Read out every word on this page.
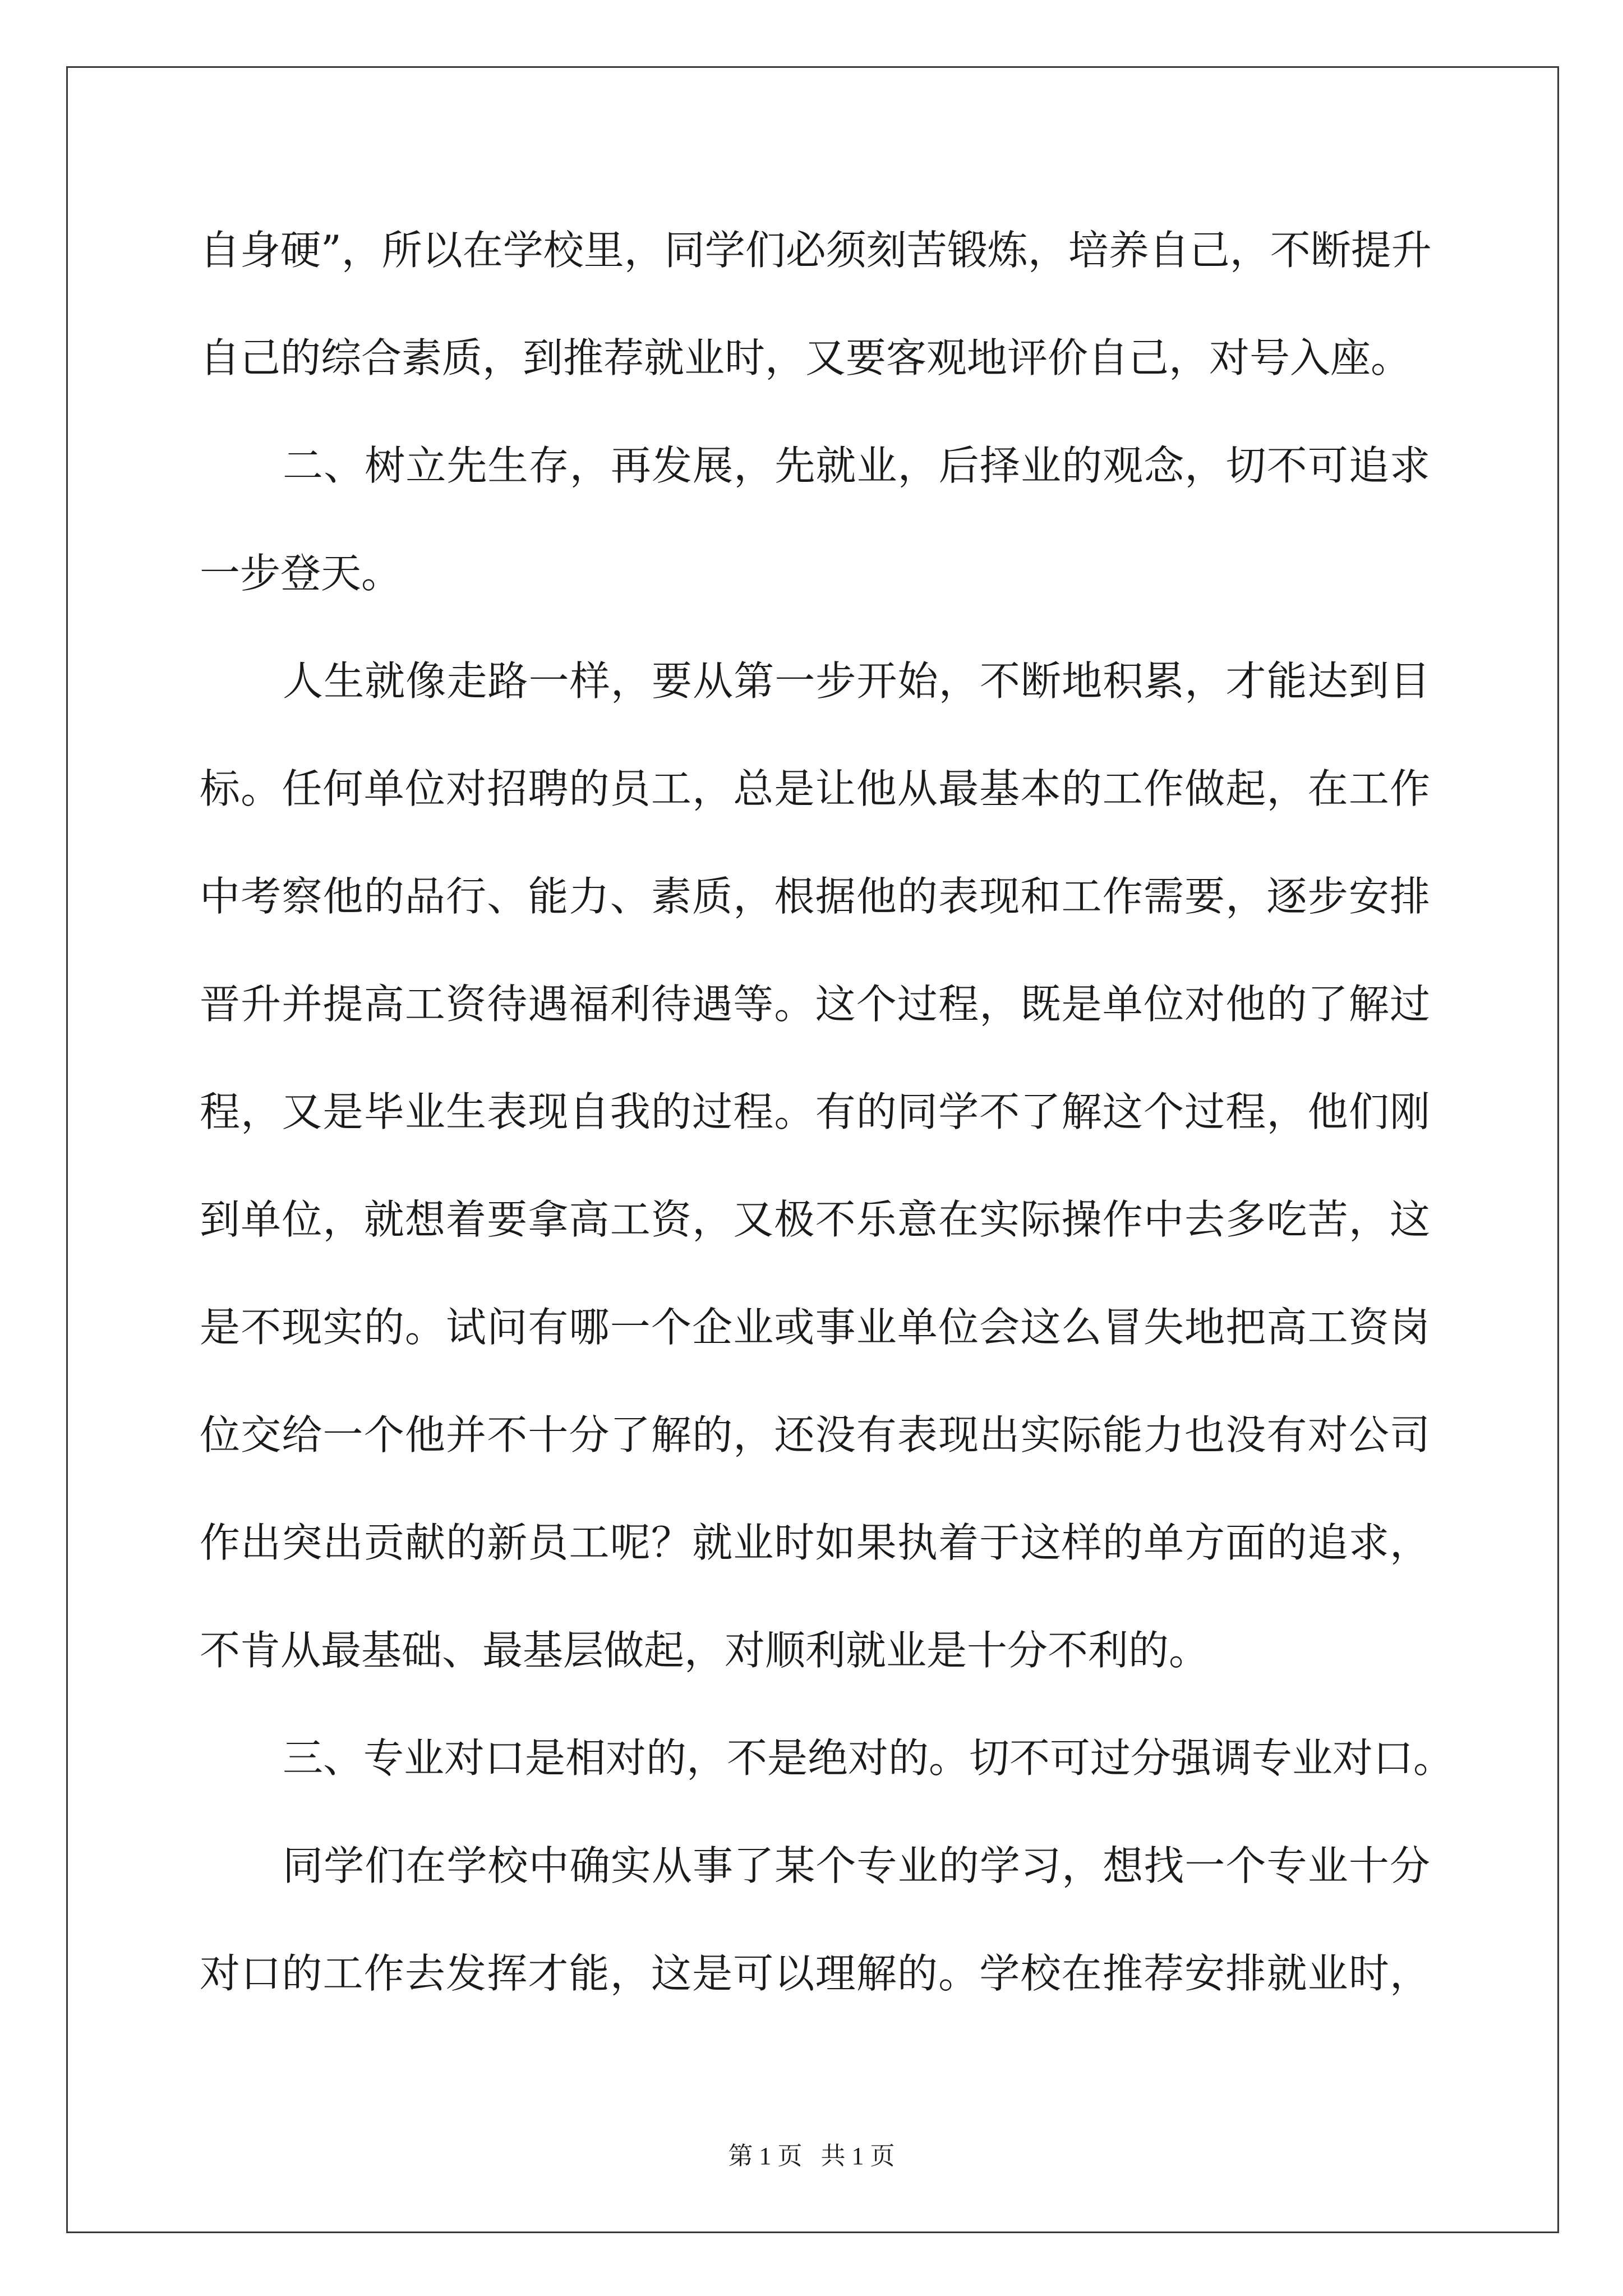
自身硬”，所以在学校里，同学们必须刻苦锻炼，培养自己，不断提升
自己的综合素质，到推荐就业时，又要客观地评价自己，对号入座。
二、树立先生存，再发展，先就业，后择业的观念，切不可追求
一步登天。
人生就像走路一样，要从第一步开始，不断地积累，才能达到目
标。任何单位对招聘的员工，总是让他从最基本的工作做起，在工作
中考察他的品行、能力、素质，根据他的表现和工作需要，逐步安排
晋升并提高工资待遇福利待遇等。这个过程，既是单位对他的了解过
程，又是毕业生表现自我的过程。有的同学不了解这个过程，他们刚
到单位，就想着要拿高工资，又极不乐意在实际操作中去多吃苦，这
是不现实的。试问有哪一个企业或事业单位会这么冒失地把高工资岗
位交给一个他并不十分了解的，还没有表现出实际能力也没有对公司
作出突出贡献的新员工呢？就业时如果执着于这样的单方面的追求，
不肯从最基础、最基层做起，对顺利就业是十分不利的。
三、专业对口是相对的，不是绝对的。切不可过分强调专业对口。
同学们在学校中确实从事了某个专业的学习，想找一个专业十分
对口的工作去发挥才能，这是可以理解的。学校在推荐安排就业时，
第 1 页   共 1 页
